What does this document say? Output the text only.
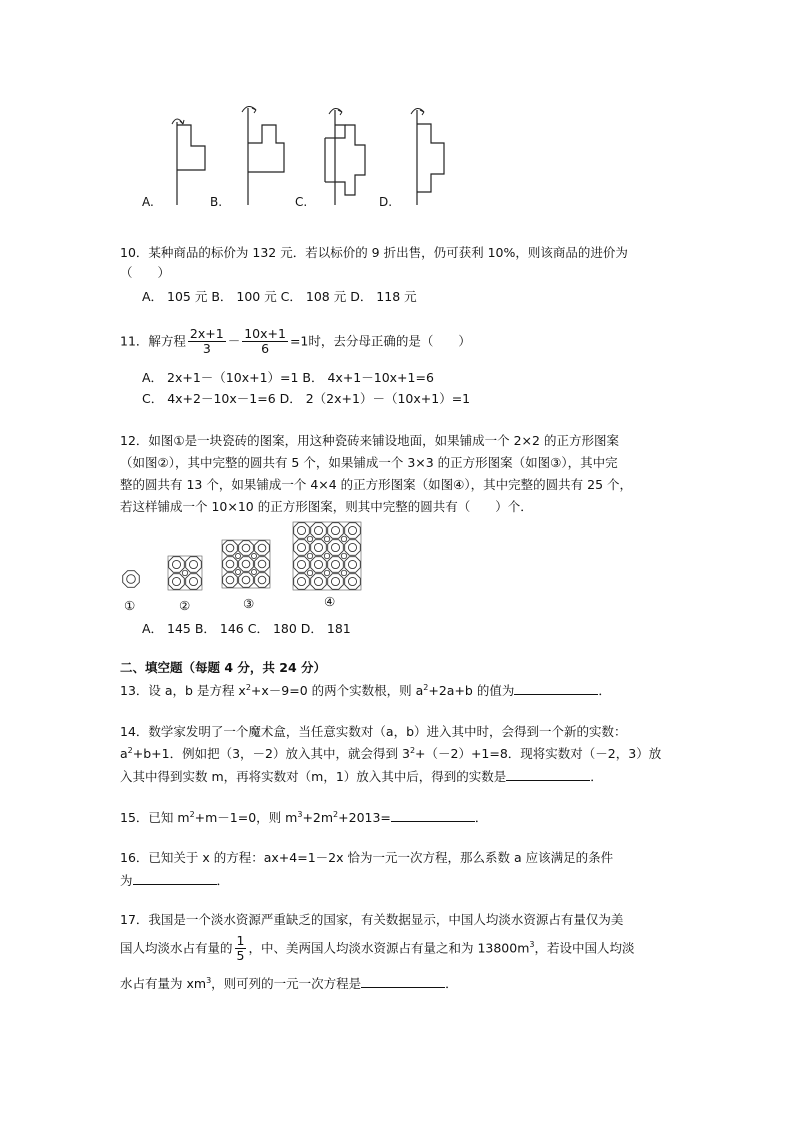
A.	B.	C.	D.
10．某种商品的标价为 132 元．若以标价的 9 折出售，仍可获利 10%，则该商品的进价为
（　　）
A． 105 元 B． 100 元 C． 108 元 D． 118 元
11．解方程 $\frac{2x+1}{3} - \frac{10x+1}{6} =1$时，去分母正确的是（　　）
A． 2x+1－（10x+1）=1 B． 4x+1－10x+1=6
C． 4x+2－10x－1=6 D． 2（2x+1）－（10x+1）=1
12．如图①是一块瓷砖的图案，用这种瓷砖来铺设地面，如果铺成一个 2×2 的正方形图案
（如图②），其中完整的圆共有 5 个，如果铺成一个 3×3 的正方形图案（如图③），其中完
整的圆共有 13 个，如果铺成一个 4×4 的正方形图案（如图④），其中完整的圆共有 25 个，
若这样铺成一个 10×10 的正方形图案，则其中完整的圆共有（　　）个．
①	②	③	④
A． 145 B． 146 C． 180 D． 181
二、填空题（每题 4 分，共 24 分）
13．设 a，b 是方程 $x^2+x-9=0$ 的两个实数根，则 $a^2+2a+b$ 的值为	．
14．数学家发明了一个魔术盒，当任意实数对（a，b）进入其中时，会得到一个新的实数：
$a^2+b+1$．例如把（3，－2）放入其中，就会得到 $3^2+(-2)+1=8$．现将实数对（－2，3）放
入其中得到实数 m，再将实数对（m，1）放入其中后，得到的实数是	．
15．已知 $m^2+m-1=0$，则 $m^3+2m^2+2013=$	．
16．已知关于 x 的方程：ax+4=1－2x 恰为一元一次方程，那么系数 a 应该满足的条件
为	．
17．我国是一个淡水资源严重缺乏的国家，有关数据显示，中国人均淡水资源占有量仅为美
国人均淡水占有量的 $\frac{1}{5}$ ，中、美两国人均淡水资源占有量之和为 $13800m^3$，若设中国人均淡
水占有量为 $xm^3$，则可列的一元一次方程是	．
